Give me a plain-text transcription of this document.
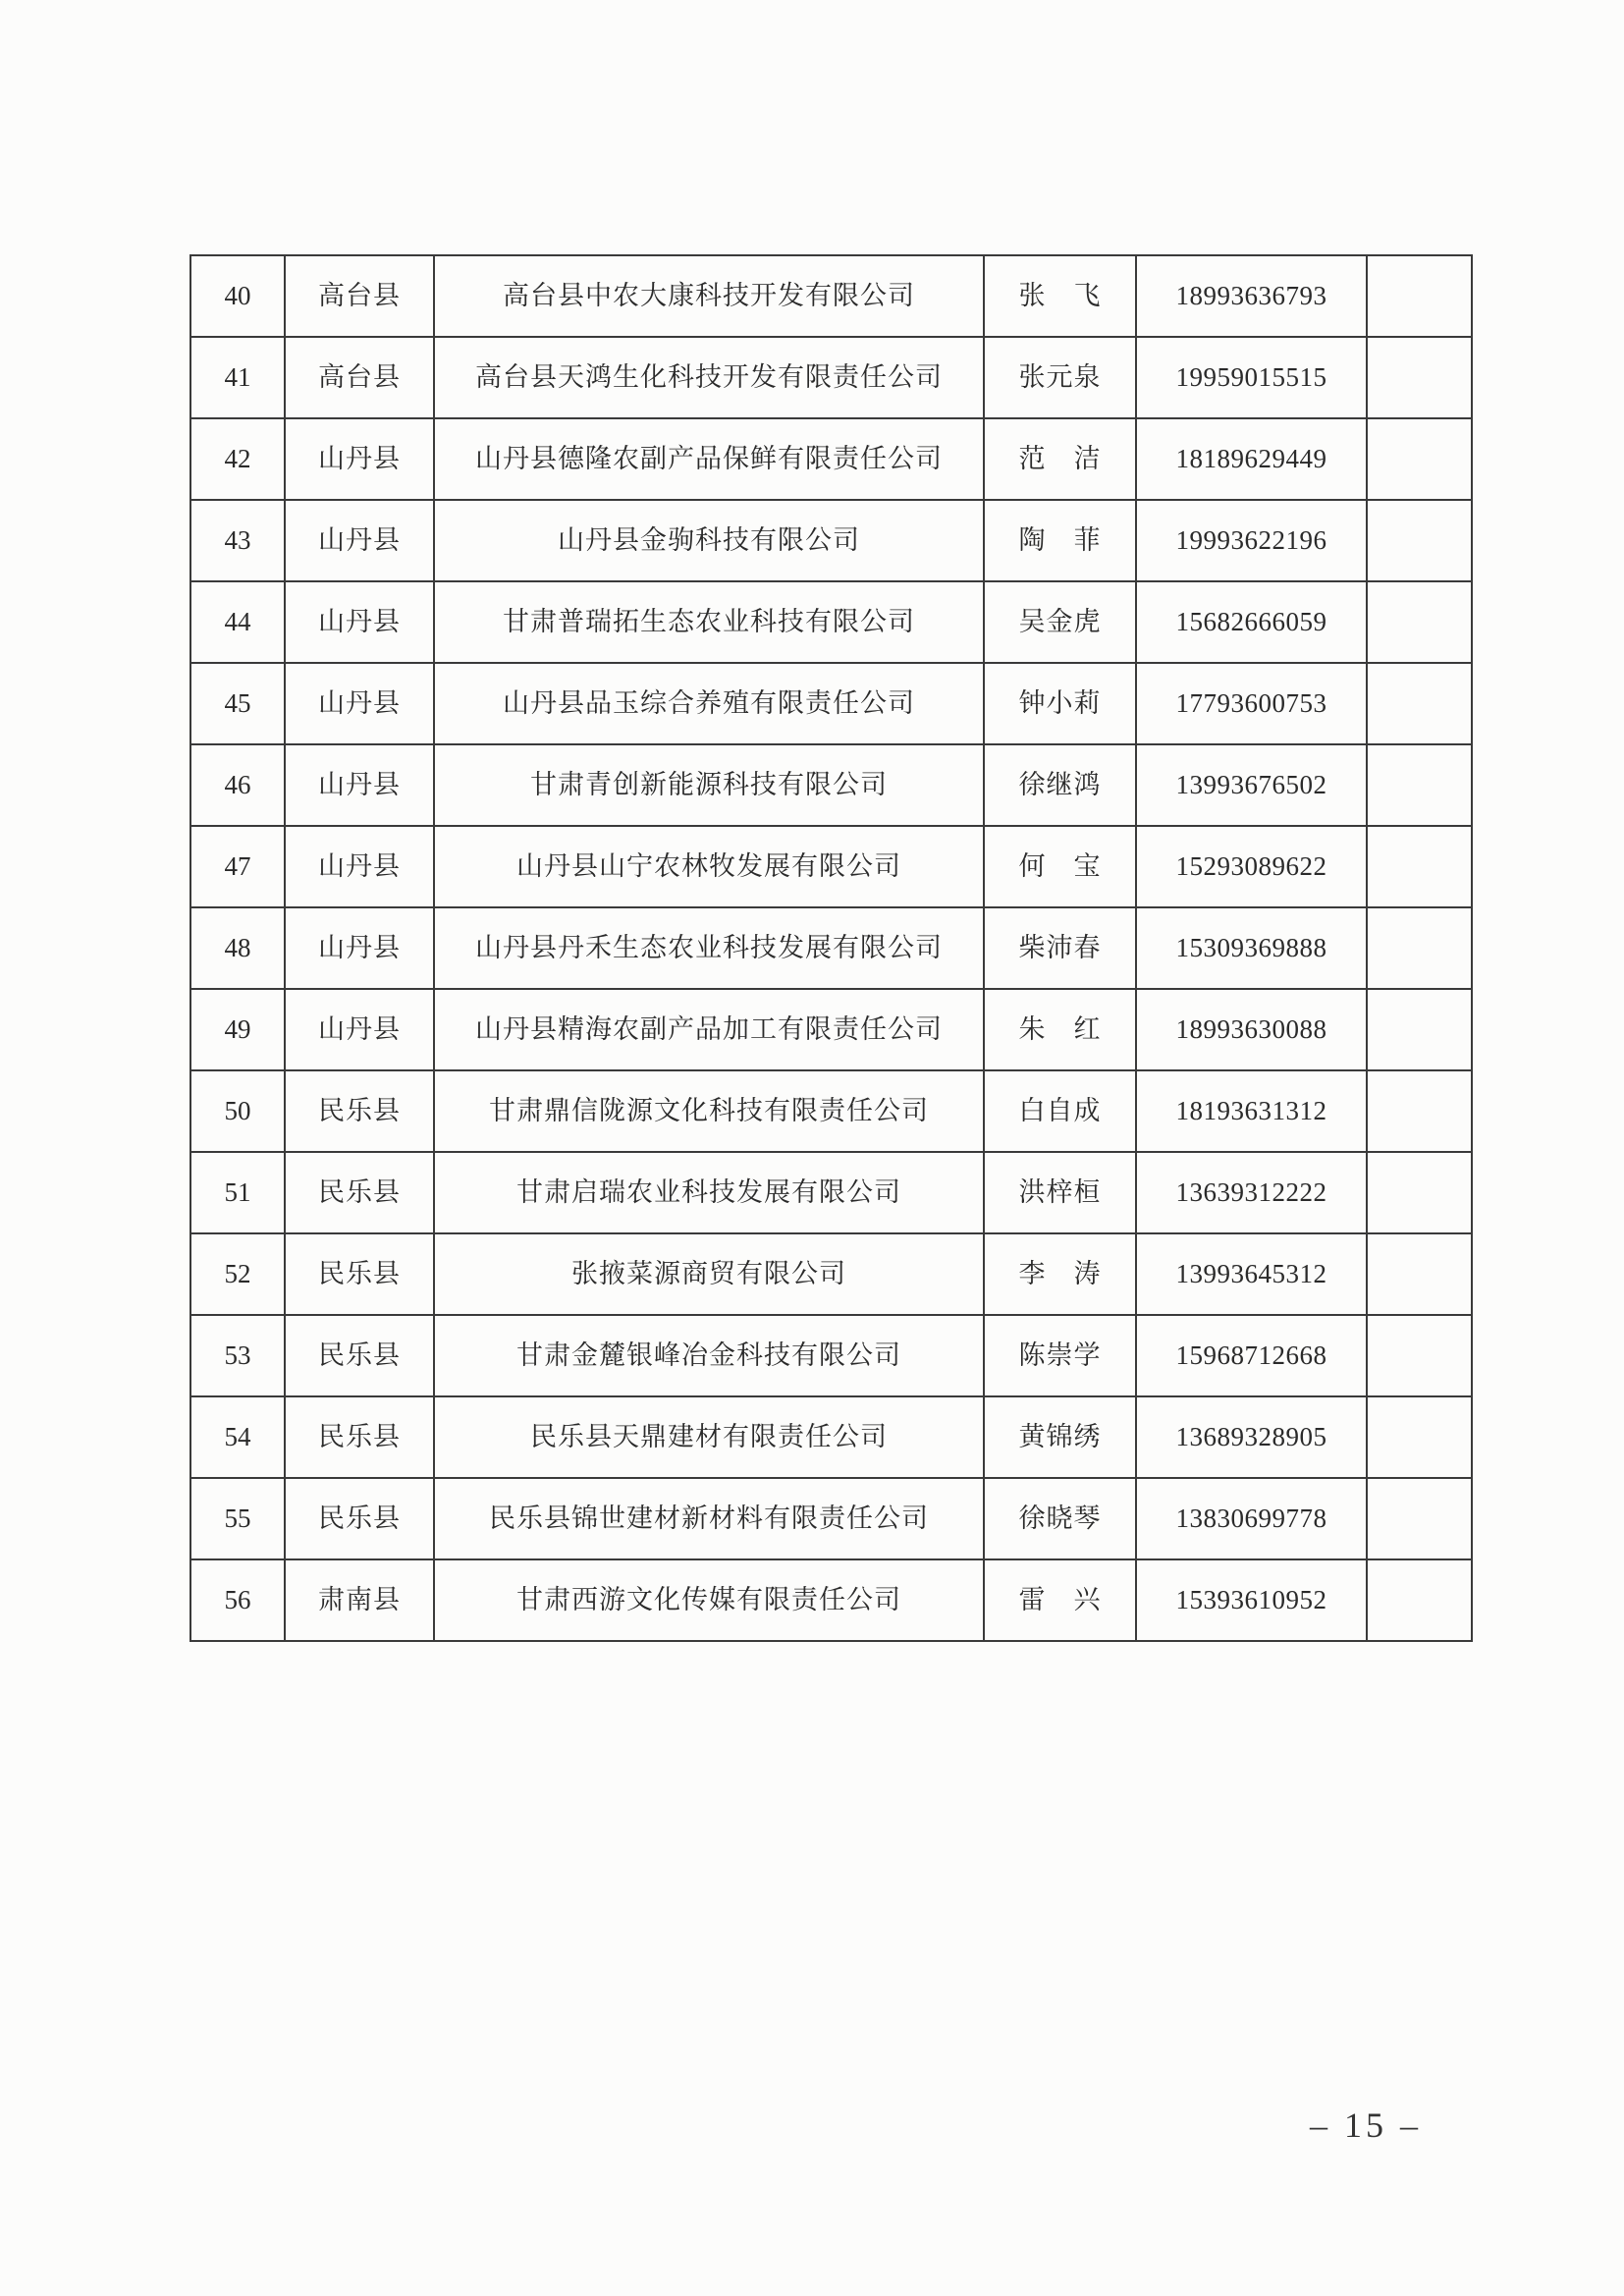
40	高台县	高台县中农大康科技开发有限公司	张　飞	18993636793	
41	高台县	高台县天鸿生化科技开发有限责任公司	张元泉	19959015515	
42	山丹县	山丹县德隆农副产品保鲜有限责任公司	范　洁	18189629449	
43	山丹县	山丹县金驹科技有限公司	陶　菲	19993622196	
44	山丹县	甘肃普瑞拓生态农业科技有限公司	吴金虎	15682666059	
45	山丹县	山丹县品玉综合养殖有限责任公司	钟小莉	17793600753	
46	山丹县	甘肃青创新能源科技有限公司	徐继鸿	13993676502	
47	山丹县	山丹县山宁农林牧发展有限公司	何　宝	15293089622	
48	山丹县	山丹县丹禾生态农业科技发展有限公司	柴沛春	15309369888	
49	山丹县	山丹县精海农副产品加工有限责任公司	朱　红	18993630088	
50	民乐县	甘肃鼎信陇源文化科技有限责任公司	白自成	18193631312	
51	民乐县	甘肃启瑞农业科技发展有限公司	洪梓桓	13639312222	
52	民乐县	张掖菜源商贸有限公司	李　涛	13993645312	
53	民乐县	甘肃金麓银峰冶金科技有限公司	陈崇学	15968712668	
54	民乐县	民乐县天鼎建材有限责任公司	黄锦绣	13689328905	
55	民乐县	民乐县锦世建材新材料有限责任公司	徐晓琴	13830699778	
56	肃南县	甘肃西游文化传媒有限责任公司	雷　兴	15393610952	
– 15 –
